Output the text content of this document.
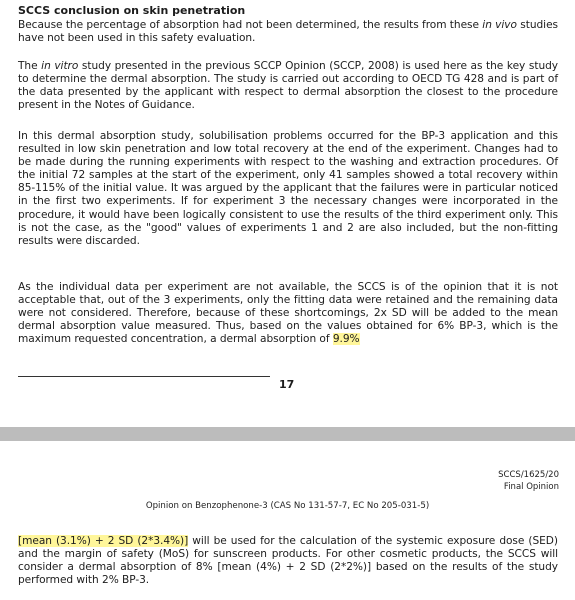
SCCS conclusion on skin penetration
Because the percentage of absorption had not been determined, the results from these in vivo studies have not been used in this safety evaluation.
The in vitro study presented in the previous SCCP Opinion (SCCP, 2008) is used here as the key study to determine the dermal absorption. The study is carried out according to OECD TG 428 and is part of the data presented by the applicant with respect to dermal absorption the closest to the procedure present in the Notes of Guidance.
In this dermal absorption study, solubilisation problems occurred for the BP-3 application and this resulted in low skin penetration and low total recovery at the end of the experiment. Changes had to be made during the running experiments with respect to the washing and extraction procedures. Of the initial 72 samples at the start of the experiment, only 41 samples showed a total recovery within 85-115% of the initial value. It was argued by the applicant that the failures were in particular noticed in the first two experiments. If for experiment 3 the necessary changes were incorporated in the procedure, it would have been logically consistent to use the results of the third experiment only. This is not the case, as the "good" values of experiments 1 and 2 are also included, but the non-fitting results were discarded.
As the individual data per experiment are not available, the SCCS is of the opinion that it is not acceptable that, out of the 3 experiments, only the fitting data were retained and the remaining data were not considered. Therefore, because of these shortcomings, 2x SD will be added to the mean dermal absorption value measured. Thus, based on the values obtained for 6% BP-3, which is the maximum requested concentration, a dermal absorption of 9.9%
17
SCCS/1625/20
Final Opinion
Opinion on Benzophenone-3 (CAS No 131-57-7, EC No 205-031-5)
[mean (3.1%) + 2 SD (2*3.4%)] will be used for the calculation of the systemic exposure dose (SED) and the margin of safety (MoS) for sunscreen products. For other cosmetic products, the SCCS will consider a dermal absorption of 8% [mean (4%) + 2 SD (2*2%)] based on the results of the study performed with 2% BP-3.
